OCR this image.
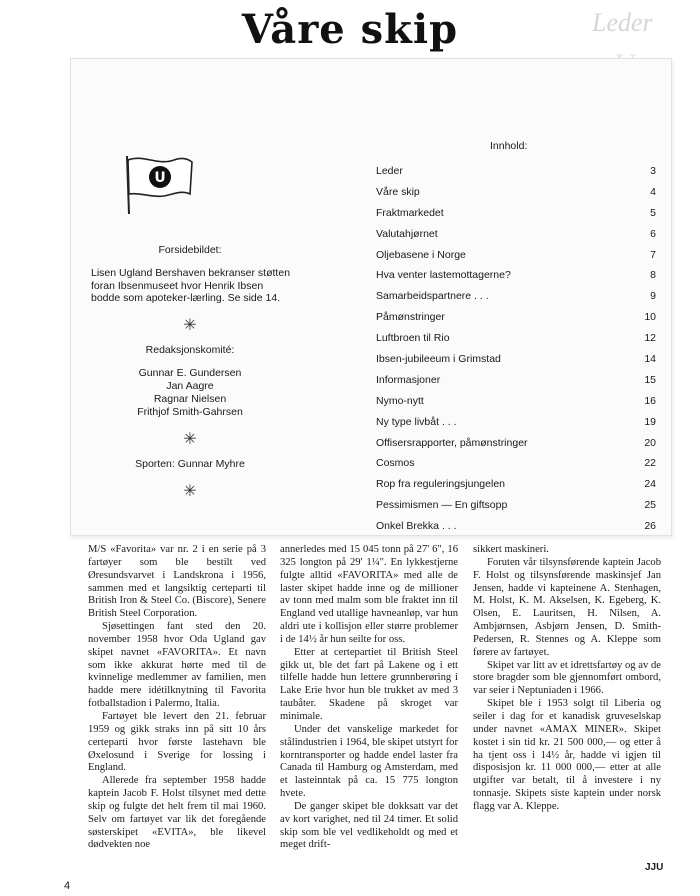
Våre skip	Leder
U
Forsidebildet:
Lisen Ugland Bershaven bekranser støtten foran Ibsenmuseet hvor Henrik Ibsen bodde som apoteker-lærling. Se side 14.
✳
Redaksjonskomité:
Gunnar E. Gundersen
Jan Aagre
Ragnar Nielsen
Frithjof Smith-Gahrsen
✳
Sporten: Gunnar Myhre
✳
Innhold:
Leder	3
Våre skip	4
Fraktmarkedet	5
Valutahjørnet	6
Oljebasene i Norge	7
Hva venter lastemottagerne?	8
Samarbeidspartnere . . .	9
Påmønstringer	10
Luftbroen til Rio	12
Ibsen-jubileeum i Grimstad	14
Informasjoner	15
Nymo-nytt	16
Ny type livbåt . . .	19
Offisersrapporter, påmønstringer	20
Cosmos	22
Rop fra reguleringsjungelen	24
Pessimismen — En giftsopp	25
Onkel Brekka . . .	26

M/S «Favorita» var nr. 2 i en serie på 3 fartøyer som ble bestilt ved Øresundsvarvet i Landskrona i 1956, sammen med et langsiktig certeparti til British Iron & Steel Co. (Biscore), Senere British Steel Corporation.

Sjøsettingen fant sted den 20. november 1958 hvor Oda Ugland gav skipet navnet «FAVORITA». Et navn som ikke akkurat hørte med til de kvinnelige medlemmer av familien, men hadde mere idétilknytning til Favorita fotballstadion i Palermo, Italia.

Fartøyet ble levert den 21. februar 1959 og gikk straks inn på sitt 10 års certeparti hvor første lastehavn ble Øxelosund i Sverige for lossing i England.

Allerede fra september 1958 hadde kaptein Jacob F. Holst tilsynet med dette skip og fulgte det helt frem til mai 1960. Selv om fartøyet var lik det foregående søsterskipet «EVITA», ble likevel dødvekten noe

annerledes med 15 045 tonn på 27' 6", 16 325 longton på 29' 1¼". En lykkestjerne fulgte alltid «FAVORITA» med alle de laster skipet hadde inne og de millioner av tonn med malm som ble fraktet inn til England ved utallige havneanløp, var hun aldri ute i kollisjon eller større problemer i de 14½ år hun seilte for oss.

Etter at certepartiet til British Steel gikk ut, ble det fart på Lakene og i ett tilfelle hadde hun lettere grunnberøring i Lake Erie hvor hun ble trukket av med 3 taubåter. Skadene på skroget var minimale.

Under det vanskelige markedet for stålindustrien i 1964, ble skipet utstyrt for korntransporter og hadde endel laster fra Canada til Hamburg og Amsterdam, med et lasteinntak på ca. 15 775 longton hvete.

De ganger skipet ble dokksatt var det av kort varighet, ned til 24 timer. Et solid skip som ble vel vedlikeholdt og med et meget drift-

sikkert maskineri.

Foruten vår tilsynsførende kaptein Jacob F. Holst og tilsynsførende maskinsjef Jan Jensen, hadde vi kapteinene A. Stenhagen, M. Holst, K. M. Akselsen, K. Egeberg, K. Olsen, E. Lauritsen, H. Nilsen, A. Ambjørnsen, Asbjørn Jensen, D. Smith-Pedersen, R. Stennes og A. Kleppe som førere av fartøyet.

Skipet var litt av et idrettsfartøy og av de store bragder som ble gjennomført ombord, var seier i Neptuniaden i 1966.

Skipet ble i 1953 solgt til Liberia og seiler i dag for et kanadisk gruveselskap under navnet «AMAX MINER». Skipet kostet i sin tid kr. 21 500 000,— og etter å ha tjent oss i 14½ år, hadde vi igjen til disposisjon kr. 11 000 000,— etter at alle utgifter var betalt, til å investere i ny tonnasje. Skipets siste kaptein under norsk flagg var A. Kleppe.

JJU
4
